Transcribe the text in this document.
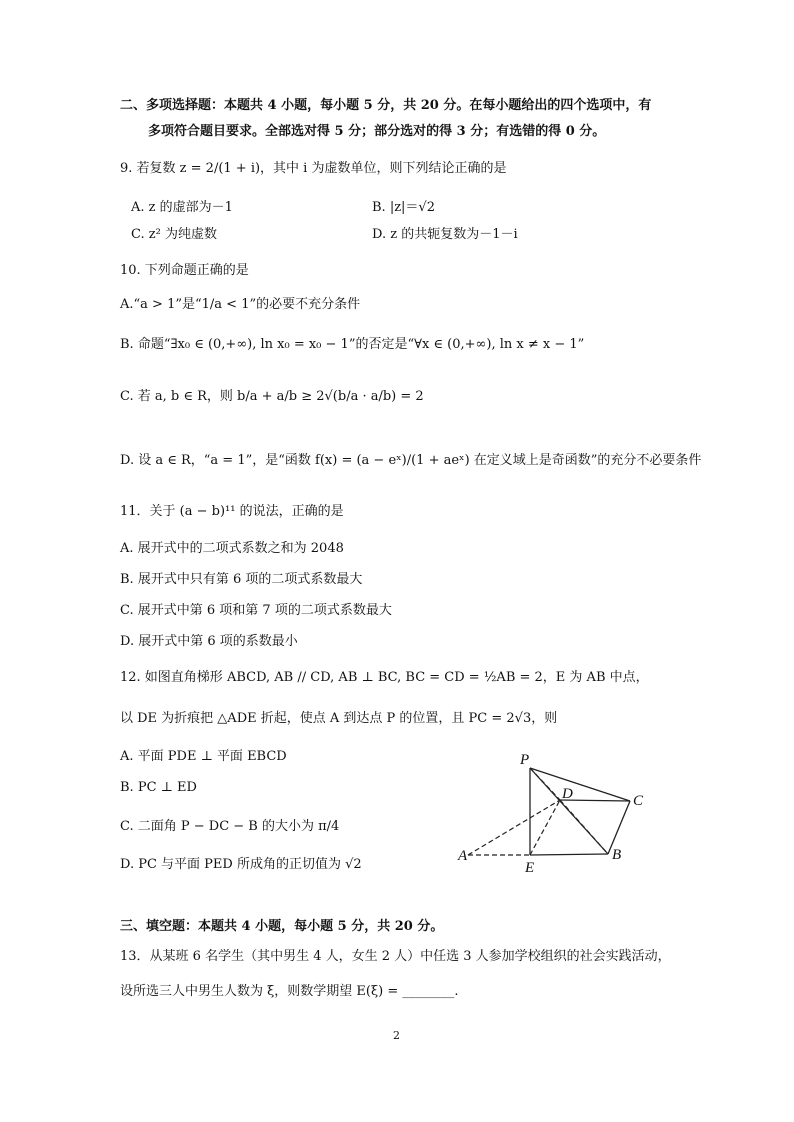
二、多项选择题：本题共 4 小题，每小题 5 分，共 20 分。在每小题给出的四个选项中，有
多项符合题目要求。全部选对得 5 分；部分选对的得 3 分；有选错的得 0 分。
9. 若复数 z = 2/(1 + i)，其中 i 为虚数单位，则下列结论正确的是
A. z 的虚部为－1	B. |z|＝√2
C. z² 为纯虚数	D. z 的共轭复数为－1－i
10. 下列命题正确的是
A.“a > 1”是“1/a < 1”的必要不充分条件
B. 命题“∃x₀ ∈ (0,+∞), ln x₀ = x₀ − 1”的否定是“∀x ∈ (0,+∞), ln x ≠ x − 1”
C. 若 a, b ∈ R，则 b/a + a/b ≥ 2√(b/a · a/b) = 2
D. 设 a ∈ R，“a = 1”，是“函数 f(x) = (a − eˣ)/(1 + aeˣ) 在定义域上是奇函数”的充分不必要条件
11．关于 (a − b)¹¹ 的说法，正确的是
A. 展开式中的二项式系数之和为 2048
B. 展开式中只有第 6 项的二项式系数最大
C. 展开式中第 6 项和第 7 项的二项式系数最大
D. 展开式中第 6 项的系数最小
12. 如图直角梯形 ABCD, AB // CD, AB ⊥ BC, BC = CD = ½AB = 2，E 为 AB 中点，
以 DE 为折痕把 △ADE 折起，使点 A 到达点 P 的位置，且 PC = 2√3，则
A. 平面 PDE ⊥ 平面 EBCD
B. PC ⊥ ED
C. 二面角 P − DC − B 的大小为 π/4
D. PC 与平面 PED 所成角的正切值为 √2
P
D	C
A
E
B
三、填空题：本题共 4 小题，每小题 5 分，共 20 分。
13．从某班 6 名学生（其中男生 4 人，女生 2 人）中任选 3 人参加学校组织的社会实践活动，
设所选三人中男生人数为 ξ，则数学期望 E(ξ) = ________.
2
